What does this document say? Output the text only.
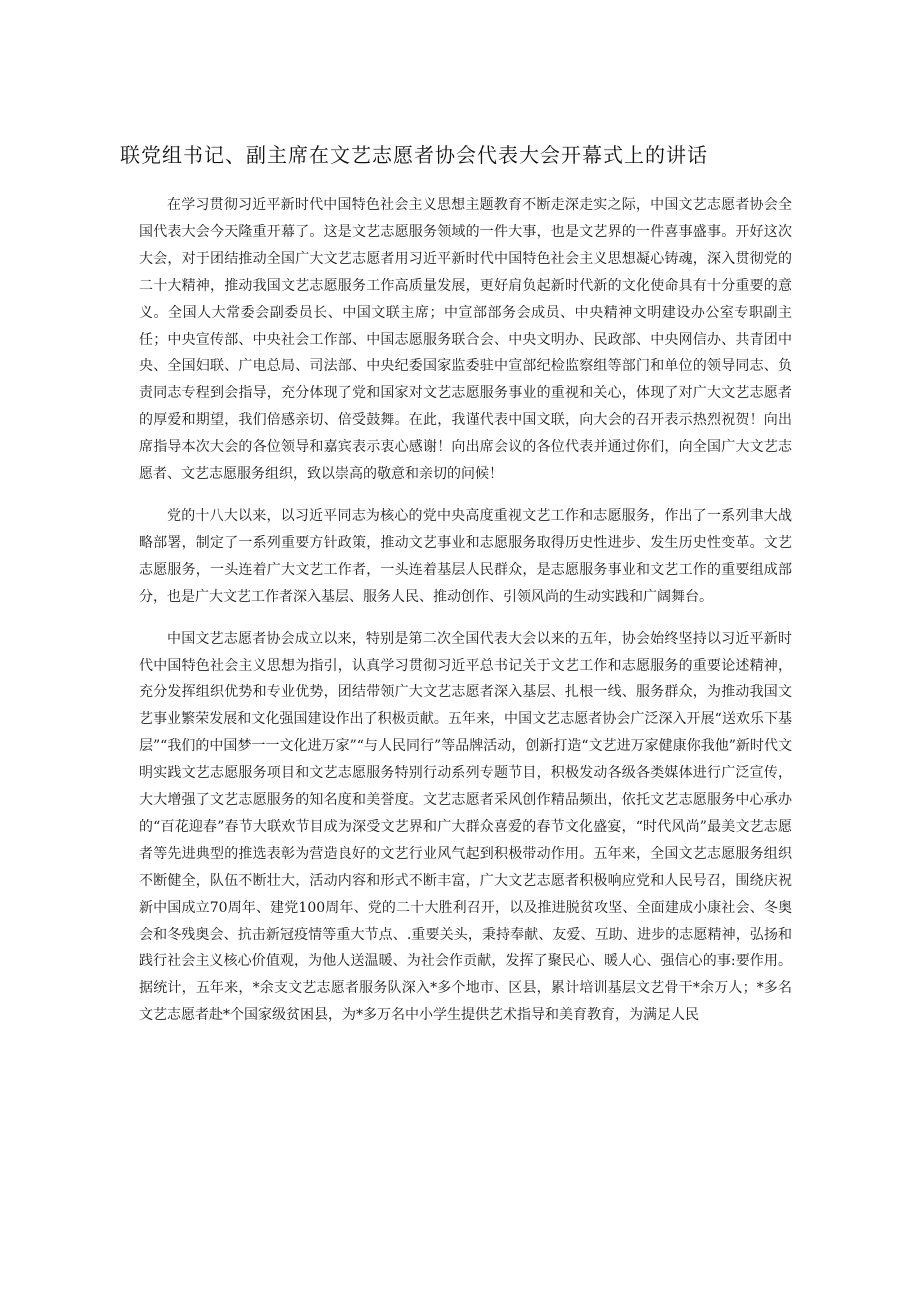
联党组书记、副主席在文艺志愿者协会代表大会开幕式上的讲话

在学习贯彻习近平新时代中国特色社会主义思想主题教育不断走深走实之际，中国文艺志愿者协会全国代表大会今天隆重开幕了。这是文艺志愿服务领域的一件大事，也是文艺界的一件喜事盛事。开好这次大会，对于团结推动全国广大文艺志愿者用习近平新时代中国特色社会主义思想凝心铸魂，深入贯彻党的二十大精神，推动我国文艺志愿服务工作高质量发展，更好肩负起新时代新的文化使命具有十分重要的意义。全国人大常委会副委员长、中国文联主席；中宣部部务会成员、中央精神文明建设办公室专职副主任；中央宣传部、中央社会工作部、中国志愿服务联合会、中央文明办、民政部、中央网信办、共青团中央、全国妇联、广电总局、司法部、中央纪委国家监委驻中宣部纪检监察组等部门和单位的领导同志、负责同志专程到会指导，充分体现了党和国家对文艺志愿服务事业的重视和关心，体现了对广大文艺志愿者的厚爱和期望，我们倍感亲切、倍受鼓舞。在此，我谨代表中国文联，向大会的召开表示热烈祝贺！向出席指导本次大会的各位领导和嘉宾表示衷心感谢！向出席会议的各位代表并通过你们，向全国广大文艺志愿者、文艺志愿服务组织，致以崇高的敬意和亲切的问候！

党的十八大以来，以习近平同志为核心的党中央高度重视文艺工作和志愿服务，作出了一系列聿大战略部署，制定了一系列重要方针政策，推动文艺事业和志愿服务取得历史性进步、发生历史性变革。文艺志愿服务，一头连着广大文艺工作者，一头连着基层人民群众，是志愿服务事业和文艺工作的重要组成部分，也是广大文艺工作者深入基层、服务人民、推动创作、引领风尚的生动实践和广阔舞台。

中国文艺志愿者协会成立以来，特别是第二次全国代表大会以来的五年，协会始终坚持以习近平新时代中国特色社会主义思想为指引，认真学习贯彻习近平总书记关于文艺工作和志愿服务的重要论述精神，充分发挥组织优势和专业优势，团结带领广大文艺志愿者深入基层、扎根一线、服务群众，为推动我国文艺事业繁荣发展和文化强国建设作出了积极贡献。五年来，中国文艺志愿者协会广泛深入开展“送欢乐下基层”“我们的中国梦一一文化进万家”“与人民同行”等品牌活动，创新打造“文艺进万家健康你我他”新时代文明实践文艺志愿服务项目和文艺志愿服务特别行动系列专题节目，积极发动各级各类媒体进行广泛宣传，大大增强了文艺志愿服务的知名度和美誉度。文艺志愿者采风创作精品频出，依托文艺志愿服务中心承办的“百花迎春”春节大联欢节目成为深受文艺界和广大群众喜爱的春节文化盛宴，“时代风尚”最美文艺志愿者等先进典型的推选表彰为营造良好的文艺行业风气起到积极带动作用。五年来，全国文艺志愿服务组织不断健全，队伍不断壮大，活动内容和形式不断丰富，广大文艺志愿者积极响应党和人民号召，围绕庆祝新中国成立70周年、建党100周年、党的二十大胜利召开，以及推进脱贫攻坚、全面建成小康社会、冬奥会和冬残奥会、抗击新冠疫情等重大节点、.重要关头，秉持奉献、友爱、互助、进步的志愿精神，弘扬和践行社会主义核心价值观，为他人送温暖、为社会作贡献，发挥了聚民心、暖人心、强信心的事:要作用。据统计，五年来，*余支文艺志愿者服务队深入*多个地市、区县，累计培训基层文艺骨干*余万人；*多名文艺志愿者赴*个国家级贫困县，为*多万名中小学生提供艺术指导和美育教育，为满足人民
